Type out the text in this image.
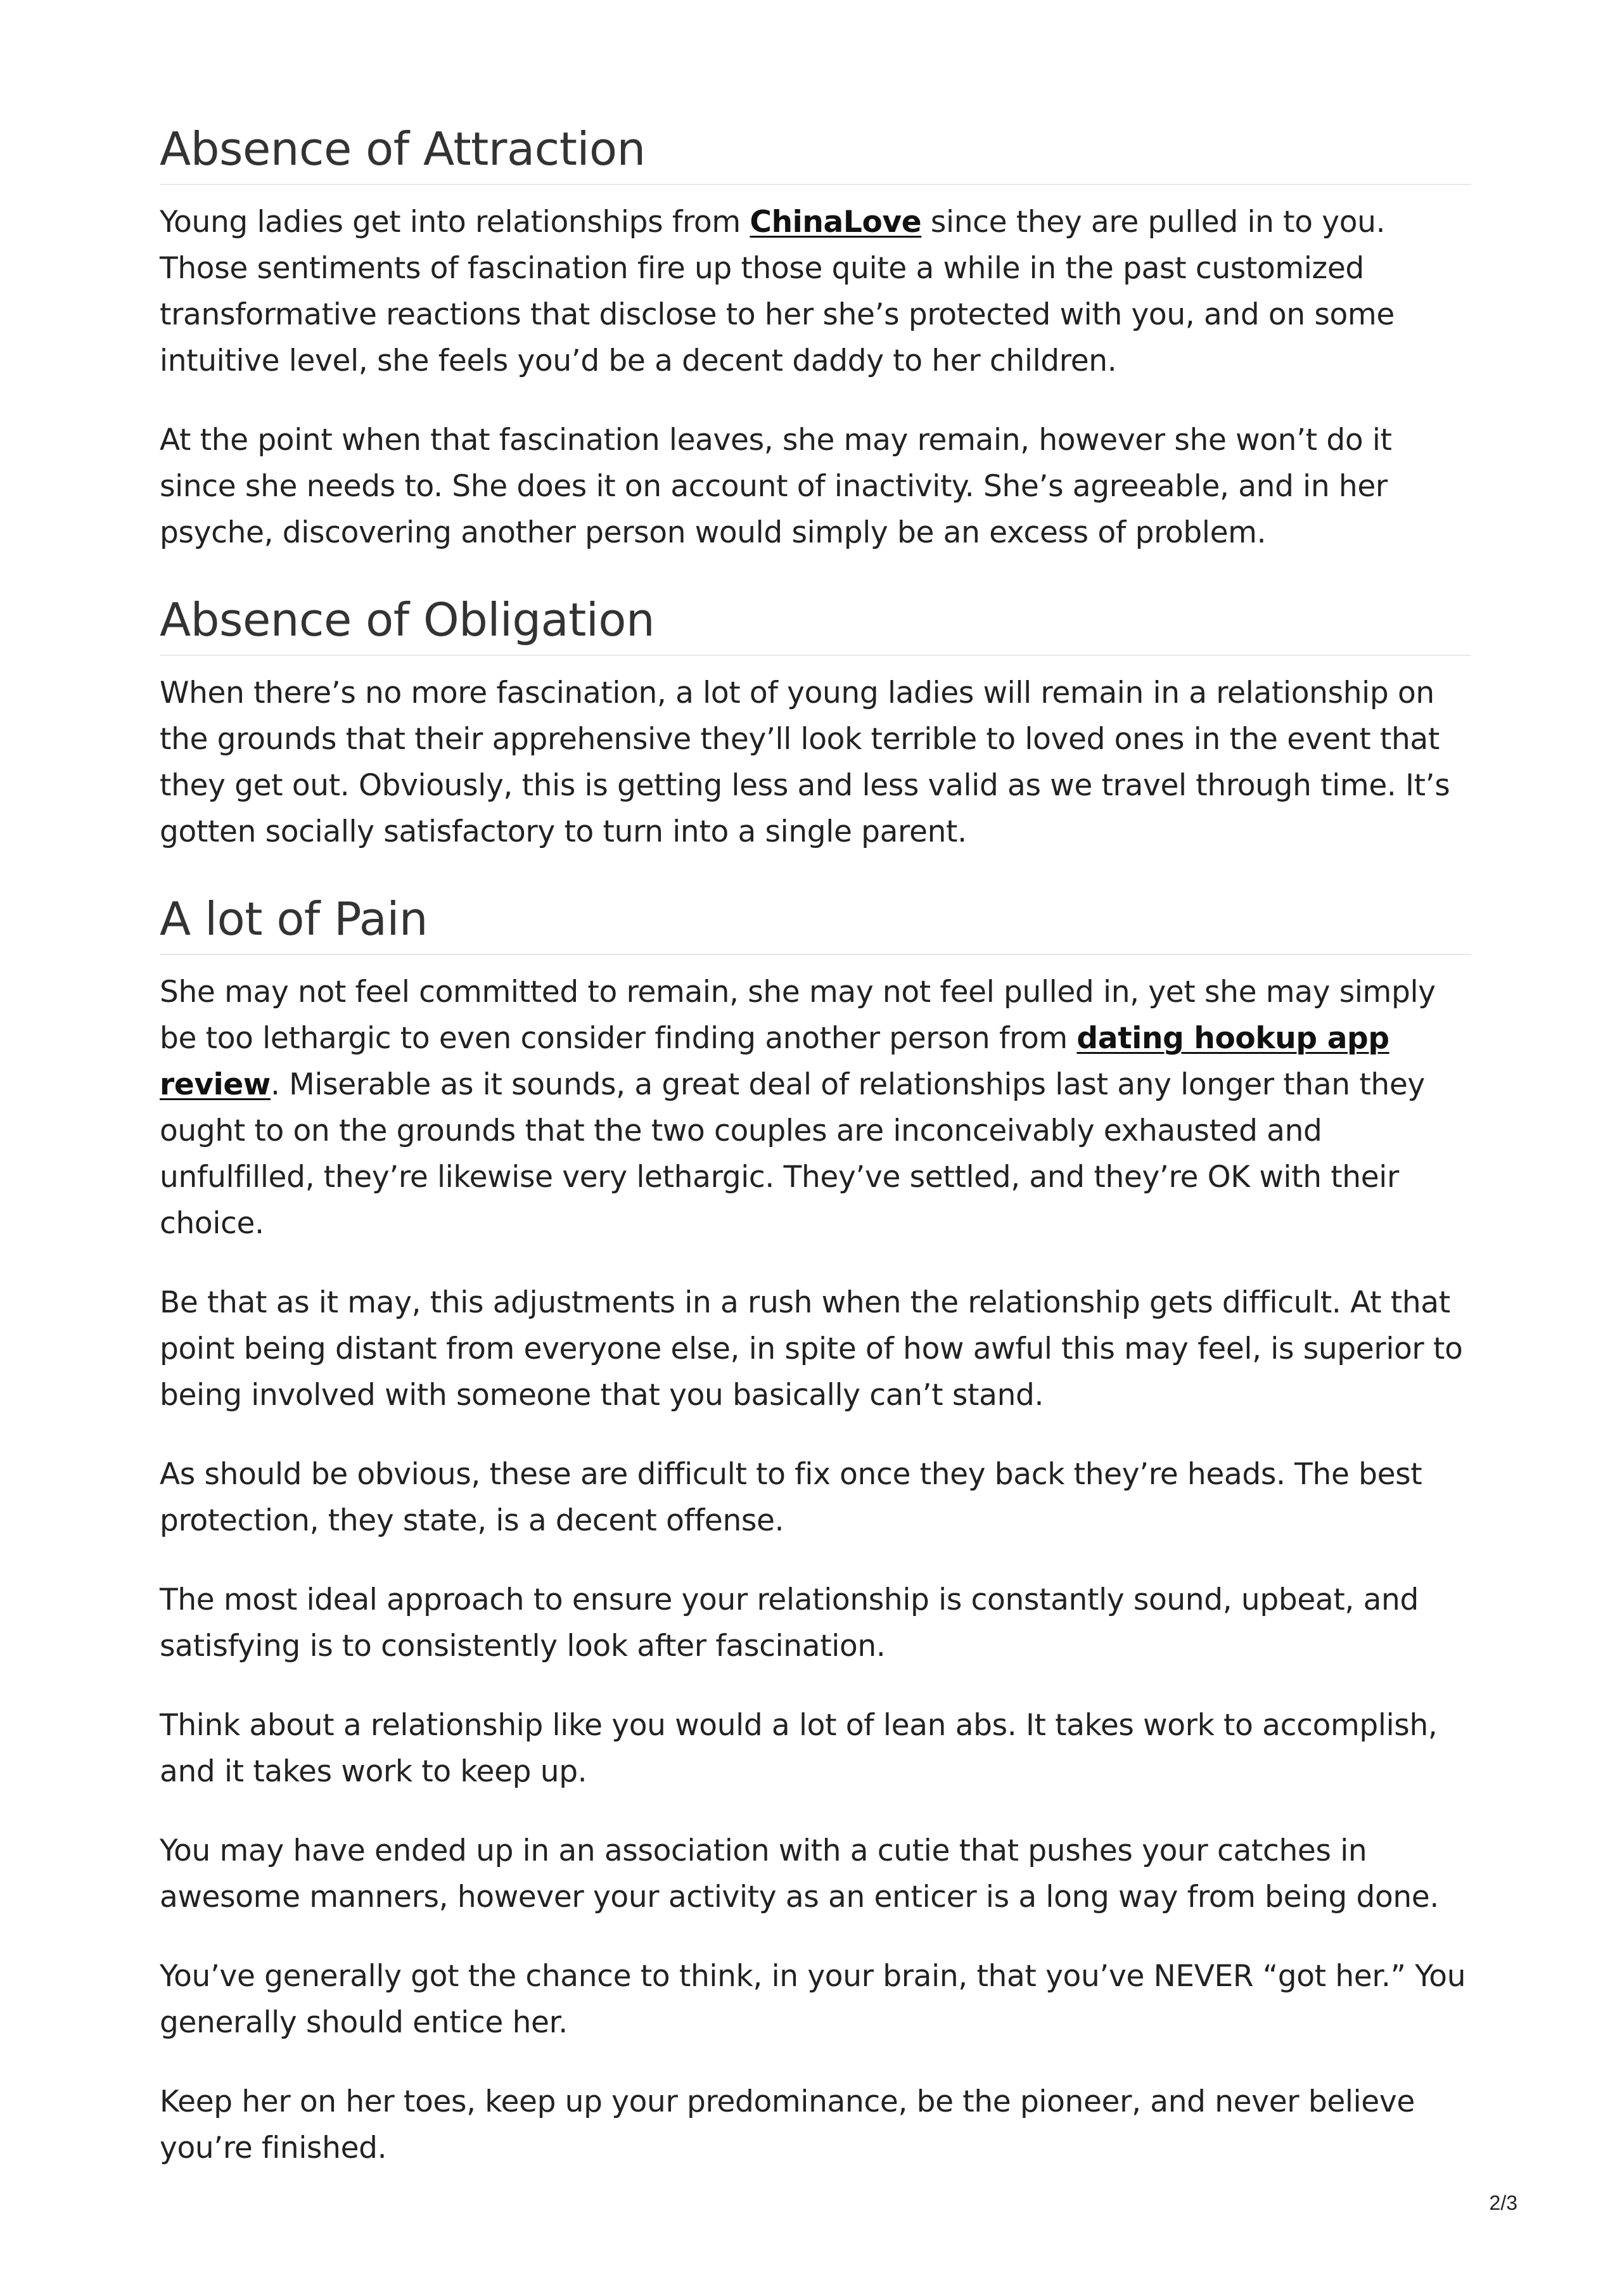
Absence of Attraction

Young ladies get into relationships from ChinaLove since they are pulled in to you. Those sentiments of fascination fire up those quite a while in the past customized transformative reactions that disclose to her she’s protected with you, and on some intuitive level, she feels you’d be a decent daddy to her children.

At the point when that fascination leaves, she may remain, however she won’t do it since she needs to. She does it on account of inactivity. She’s agreeable, and in her psyche, discovering another person would simply be an excess of problem.

Absence of Obligation

When there’s no more fascination, a lot of young ladies will remain in a relationship on the grounds that their apprehensive they’ll look terrible to loved ones in the event that they get out. Obviously, this is getting less and less valid as we travel through time. It’s gotten socially satisfactory to turn into a single parent.

A lot of Pain

She may not feel committed to remain, she may not feel pulled in, yet she may simply be too lethargic to even consider finding another person from dating hookup app review. Miserable as it sounds, a great deal of relationships last any longer than they ought to on the grounds that the two couples are inconceivably exhausted and unfulfilled, they’re likewise very lethargic. They’ve settled, and they’re OK with their choice.

Be that as it may, this adjustments in a rush when the relationship gets difficult. At that point being distant from everyone else, in spite of how awful this may feel, is superior to being involved with someone that you basically can’t stand.

As should be obvious, these are difficult to fix once they back they’re heads. The best protection, they state, is a decent offense.

The most ideal approach to ensure your relationship is constantly sound, upbeat, and satisfying is to consistently look after fascination.

Think about a relationship like you would a lot of lean abs. It takes work to accomplish, and it takes work to keep up.

You may have ended up in an association with a cutie that pushes your catches in awesome manners, however your activity as an enticer is a long way from being done.

You’ve generally got the chance to think, in your brain, that you’ve NEVER “got her.” You generally should entice her.

Keep her on her toes, keep up your predominance, be the pioneer, and never believe you’re finished.

2/3
